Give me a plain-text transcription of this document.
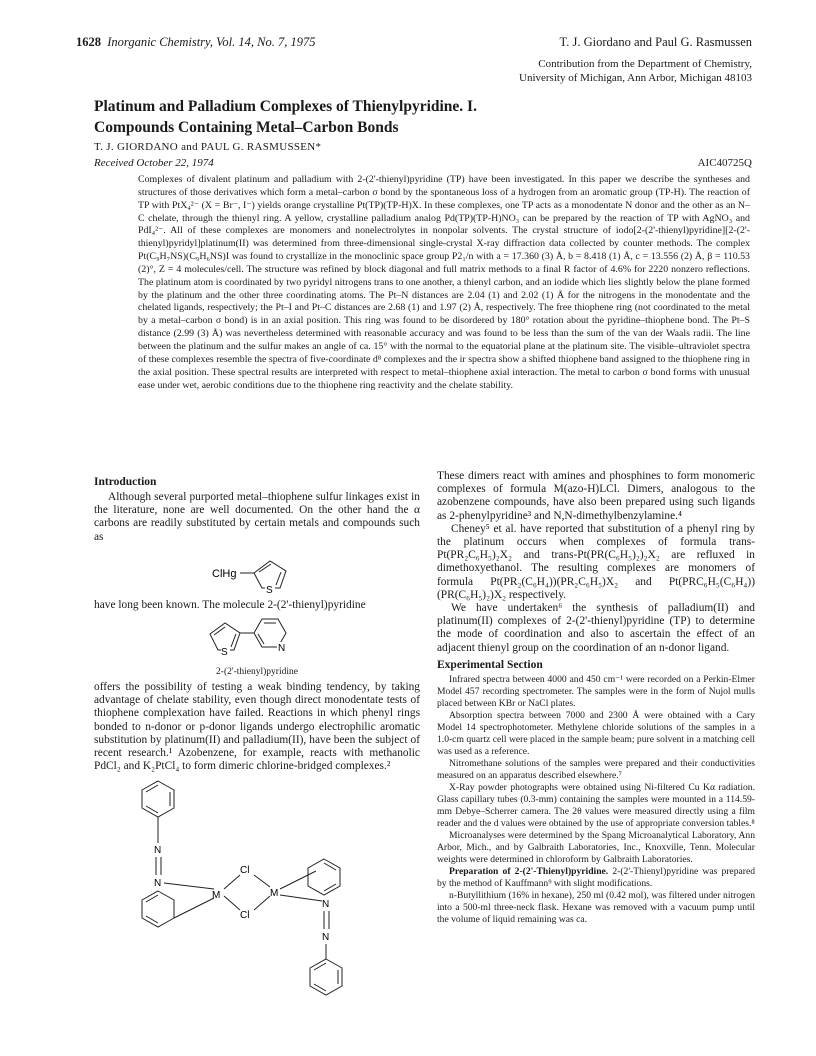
1628 Inorganic Chemistry, Vol. 14, No. 7, 1975	T. J. Giordano and Paul G. Rasmussen
Contribution from the Department of Chemistry,
University of Michigan, Ann Arbor, Michigan 48103
Platinum and Palladium Complexes of Thienylpyridine. I.
Compounds Containing Metal–Carbon Bonds
T. J. GIORDANO and PAUL G. RASMUSSEN*
Received October 22, 1974	AIC40725Q

Complexes of divalent platinum and palladium with 2-(2'-thienyl)pyridine (TP) have been investigated. In this paper we describe the syntheses and structures of those derivatives which form a metal–carbon σ bond by the spontaneous loss of a hydrogen from an aromatic group (TP-H). The reaction of TP with PtX₄²⁻ (X = Br⁻, I⁻) yields orange crystalline Pt(TP)(TP-H)X. In these complexes, one TP acts as a monodentate N donor and the other as an N–C chelate, through the thienyl ring. A yellow, crystalline palladium analog Pd(TP)(TP-H)NO₃ can be prepared by the reaction of TP with AgNO₃ and PdI₄²⁻. All of these complexes are monomers and nonelectrolytes in nonpolar solvents. The crystal structure of iodo[2-(2'-thienyl)pyridine][2-(2'-thienyl)pyridyl]platinum(II) was determined from three-dimensional single-crystal X-ray diffraction data collected by counter methods. The complex Pt(C₉H₇NS)(C₉H₆NS)I was found to crystallize in the monoclinic space group P2₁/n with a = 17.360 (3) Å, b = 8.418 (1) Å, c = 13.556 (2) Å, β = 110.53 (2)°, Z = 4 molecules/cell. The structure was refined by block diagonal and full matrix methods to a final R factor of 4.6% for 2220 nonzero reflections. The platinum atom is coordinated by two pyridyl nitrogens trans to one another, a thienyl carbon, and an iodide which lies slightly below the plane formed by the platinum and the other three coordinating atoms. The Pt–N distances are 2.04 (1) and 2.02 (1) Å for the nitrogens in the monodentate and the chelated ligands, respectively; the Pt–I and Pt–C distances are 2.68 (1) and 1.97 (2) Å, respectively. The free thiophene ring (not coordinated to the metal by a metal–carbon σ bond) is in an axial position. This ring was found to be disordered by 180° rotation about the pyridine–thiophene bond. The Pt–S distance (2.99 (3) Å) was nevertheless determined with reasonable accuracy and was found to be less than the sum of the van der Waals radii. The line between the platinum and the sulfur makes an angle of ca. 15° with the normal to the equatorial plane at the platinum site. The visible–ultraviolet spectra of these complexes resemble the spectra of five-coordinate d⁸ complexes and the ir spectra show a shifted thiophene band assigned to the thiophene ring in the axial position. These spectral results are interpreted with respect to metal–thiophene axial interaction. The metal to carbon σ bond forms with unusual ease under wet, aerobic conditions due to the thiophene ring reactivity and the chelate stability.

Introduction

Although several purported metal–thiophene sulfur linkages exist in the literature, none are well documented. On the other hand the α carbons are readily substituted by certain metals and compounds such as

ClHg
S

have long been known. The molecule 2-(2'-thienyl)pyridine

S	N
2-(2'-thienyl)pyridine

offers the possibility of testing a weak binding tendency, by taking advantage of chelate stability, even though direct monodentate tests of thiophene complexation have failed. Reactions in which phenyl rings bonded to n-donor or p-donor ligands undergo electrophilic aromatic substitution by platinum(II) and palladium(II), have been the subject of recent research.¹ Azobenzene, for example, reacts with methanolic PdCl₂ and K₂PtCl₄ to form dimeric chlorine-bridged complexes.²

N
N
M
Cl
Cl
M
N
N

These dimers react with amines and phosphines to form monomeric complexes of formula M(azo-H)LCl. Dimers, analogous to the azobenzene compounds, have also been prepared using such ligands as 2-phenylpyridine³ and N,N-dimethylbenzylamine.⁴

Cheney⁵ et al. have reported that substitution of a phenyl ring by the platinum occurs when complexes of formula trans-Pt(PR₂C₆H₅)₂X₂ and trans-Pt(PR(C₆H₅)₂)₂X₂ are refluxed in dimethoxyethanol. The resulting complexes are monomers of formula Pt(PR₂(C₆H₄))(PR₂C₆H₅)X₂ and Pt(PRC₆H₅(C₆H₄))(PR(C₆H₅)₂)X₂ respectively.

We have undertaken⁶ the synthesis of palladium(II) and platinum(II) complexes of 2-(2'-thienyl)pyridine (TP) to determine the mode of coordination and also to ascertain the effect of an adjacent thienyl group on the coordination of an n-donor ligand.

Experimental Section

Infrared spectra between 4000 and 450 cm⁻¹ were recorded on a Perkin-Elmer Model 457 recording spectrometer. The samples were in the form of Nujol mulls placed between KBr or NaCl plates.

Absorption spectra between 7000 and 2300 Å were obtained with a Cary Model 14 spectrophotometer. Methylene chloride solutions of the samples in a 1.0-cm quartz cell were placed in the sample beam; pure solvent in a matching cell was used as a reference.

Nitromethane solutions of the samples were prepared and their conductivities measured on an apparatus described elsewhere.⁷

X-Ray powder photographs were obtained using Ni-filtered Cu Kα radiation. Glass capillary tubes (0.3-mm) containing the samples were mounted in a 114.59-mm Debye–Scherrer camera. The 2θ values were measured directly using a film reader and the d values were obtained by the use of appropriate conversion tables.⁸

Microanalyses were determined by the Spang Microanalytical Laboratory, Ann Arbor, Mich., and by Galbraith Laboratories, Inc., Knoxville, Tenn. Molecular weights were determined in chloroform by Galbraith Laboratories.

Preparation of 2-(2'-Thienyl)pyridine. 2-(2'-Thienyl)pyridine was prepared by the method of Kauffmann⁹ with slight modifications.

n-Butyllithium (16% in hexane), 250 ml (0.42 mol), was filtered under nitrogen into a 500-ml three-neck flask. Hexane was removed with a vacuum pump until the volume of liquid remaining was ca.
